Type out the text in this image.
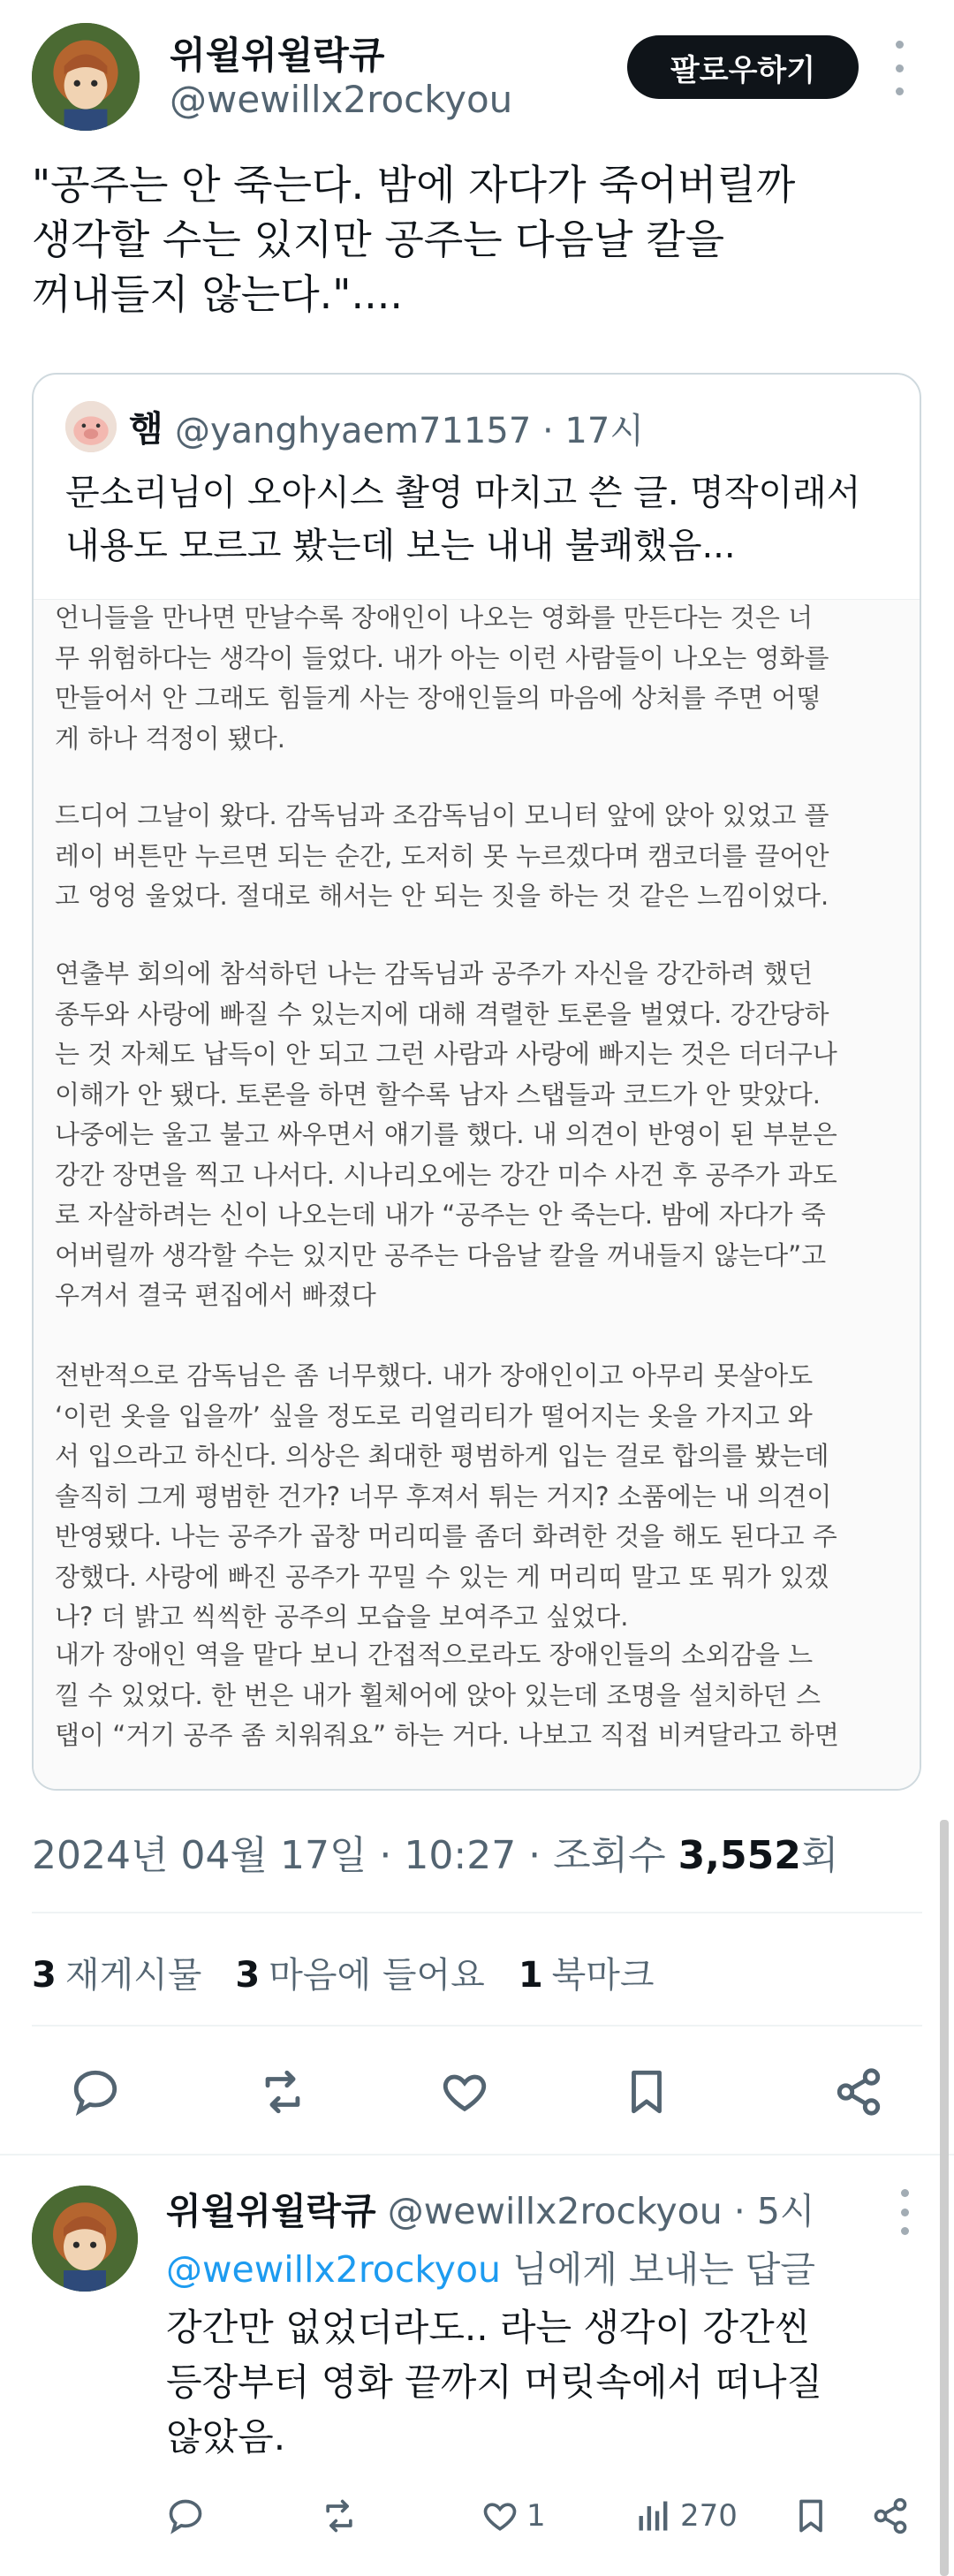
위윌위윌락큐
@wewillx2rockyou
팔로우하기
"공주는 안 죽는다. 밤에 자다가 죽어버릴까
생각할 수는 있지만 공주는 다음날 칼을
꺼내들지 않는다."....
햄 @yanghyaem71157 · 17시
문소리님이 오아시스 촬영 마치고 쓴 글. 명작이래서
내용도 모르고 봤는데 보는 내내 불쾌했음...
언니들을 만나면 만날수록 장애인이 나오는 영화를 만든다는 것은 너
무 위험하다는 생각이 들었다. 내가 아는 이런 사람들이 나오는 영화를
만들어서 안 그래도 힘들게 사는 장애인들의 마음에 상처를 주면 어떻
게 하나 걱정이 됐다.
드디어 그날이 왔다. 감독님과 조감독님이 모니터 앞에 앉아 있었고 플
레이 버튼만 누르면 되는 순간, 도저히 못 누르겠다며 캠코더를 끌어안
고 엉엉 울었다. 절대로 해서는 안 되는 짓을 하는 것 같은 느낌이었다.
연출부 회의에 참석하던 나는 감독님과 공주가 자신을 강간하려 했던
종두와 사랑에 빠질 수 있는지에 대해 격렬한 토론을 벌였다. 강간당하
는 것 자체도 납득이 안 되고 그런 사람과 사랑에 빠지는 것은 더더구나
이해가 안 됐다. 토론을 하면 할수록 남자 스탭들과 코드가 안 맞았다.
나중에는 울고 불고 싸우면서 얘기를 했다. 내 의견이 반영이 된 부분은
강간 장면을 찍고 나서다. 시나리오에는 강간 미수 사건 후 공주가 과도
로 자살하려는 신이 나오는데 내가 “공주는 안 죽는다. 밤에 자다가 죽
어버릴까 생각할 수는 있지만 공주는 다음날 칼을 꺼내들지 않는다”고
우겨서 결국 편집에서 빠졌다
전반적으로 감독님은 좀 너무했다. 내가 장애인이고 아무리 못살아도
‘이런 옷을 입을까’ 싶을 정도로 리얼리티가 떨어지는 옷을 가지고 와
서 입으라고 하신다. 의상은 최대한 평범하게 입는 걸로 합의를 봤는데
솔직히 그게 평범한 건가? 너무 후져서 튀는 거지? 소품에는 내 의견이
반영됐다. 나는 공주가 곱창 머리띠를 좀더 화려한 것을 해도 된다고 주
장했다. 사랑에 빠진 공주가 꾸밀 수 있는 게 머리띠 말고 또 뭐가 있겠
나? 더 밝고 씩씩한 공주의 모습을 보여주고 싶었다.
내가 장애인 역을 맡다 보니 간접적으로라도 장애인들의 소외감을 느
낄 수 있었다. 한 번은 내가 휠체어에 앉아 있는데 조명을 설치하던 스
탭이 “거기 공주 좀 치워줘요” 하는 거다. 나보고 직접 비켜달라고 하면
2024년 04월 17일 · 10:27 · 조회수 3,552회
3 재게시물 3 마음에 들어요 1 북마크
위윌위윌락큐 @wewillx2rockyou · 5시
@wewillx2rockyou 님에게 보내는 답글
강간만 없었더라도.. 라는 생각이 강간씬
등장부터 영화 끝까지 머릿속에서 떠나질
않았음.
1	270
